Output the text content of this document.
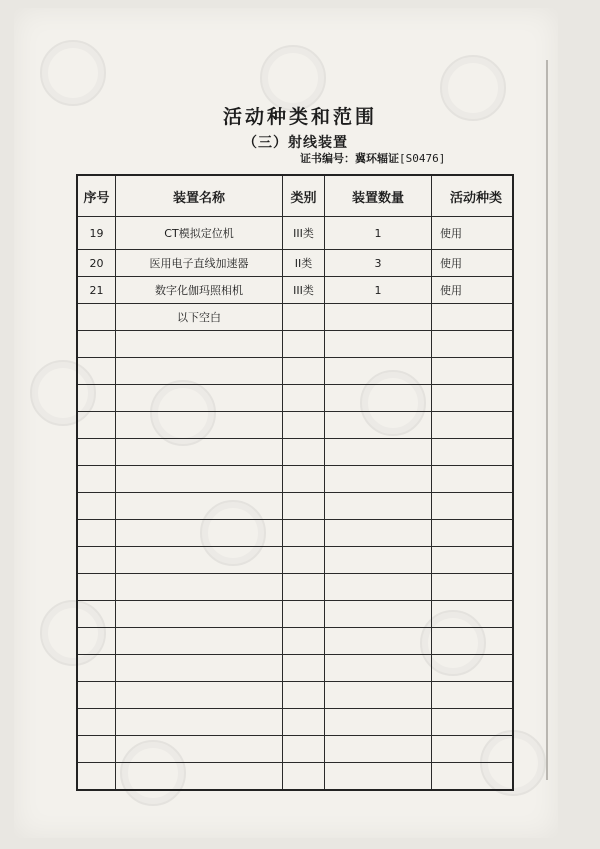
活动种类和范围
（三）射线装置
证书编号：冀环辐证[S0476]
序号	装置名称	类别	装置数量	活动种类
19	CT模拟定位机	III类	1	使用
20	医用电子直线加速器	II类	3	使用
21	数字化伽玛照相机	III类	1	使用
	以下空白			
